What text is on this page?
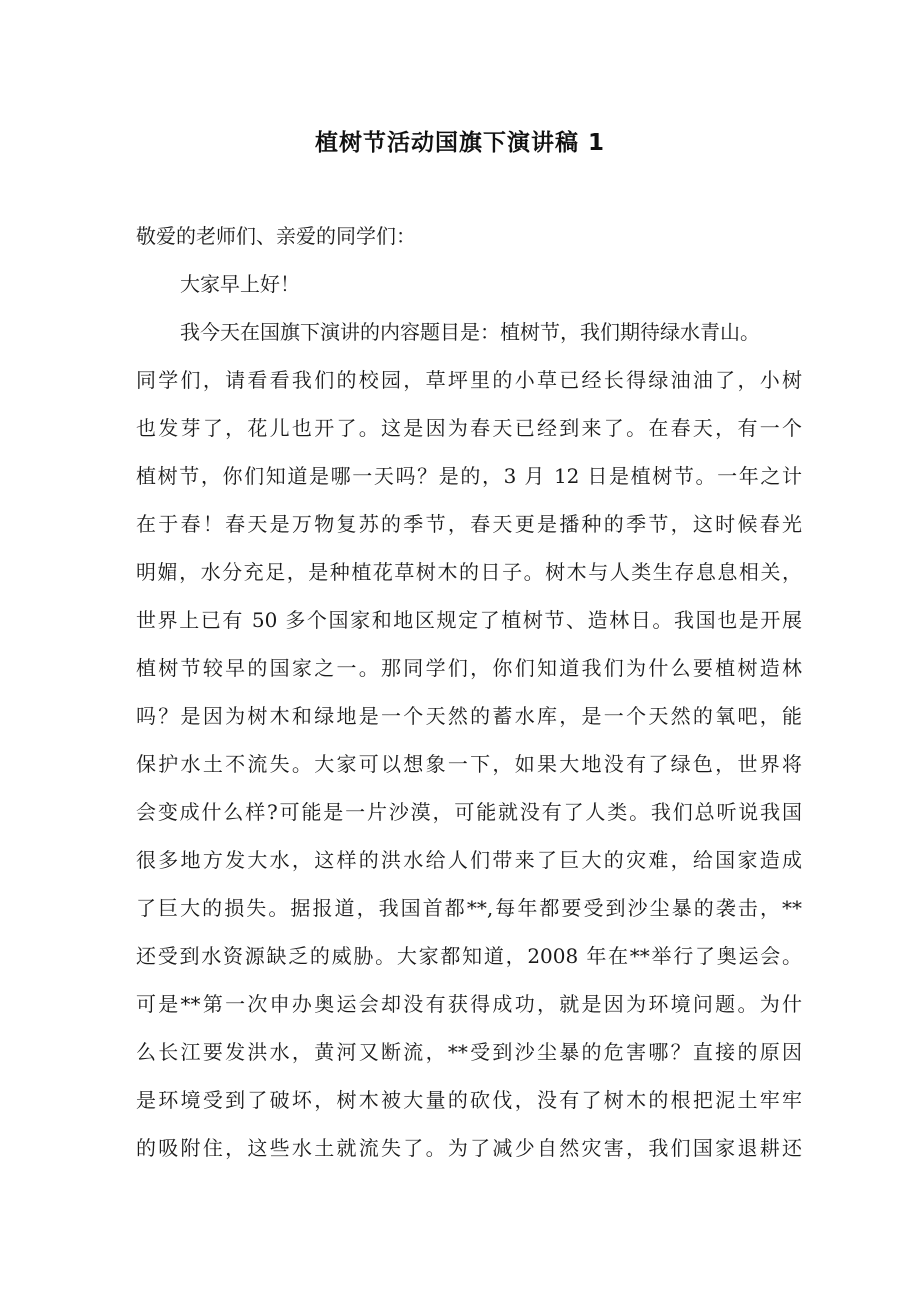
植树节活动国旗下演讲稿 1

敬爱的老师们、亲爱的同学们：

大家早上好！

我今天在国旗下演讲的内容题目是：植树节，我们期待绿水青山。
同学们，请看看我们的校园，草坪里的小草已经长得绿油油了，小树
也发芽了，花儿也开了。这是因为春天已经到来了。在春天，有一个
植树节，你们知道是哪一天吗？是的，3 月 12 日是植树节。一年之计
在于春！春天是万物复苏的季节，春天更是播种的季节，这时候春光
明媚，水分充足，是种植花草树木的日子。树木与人类生存息息相关，
世界上已有 50 多个国家和地区规定了植树节、造林日。我国也是开展
植树节较早的国家之一。那同学们，你们知道我们为什么要植树造林
吗？是因为树木和绿地是一个天然的蓄水库，是一个天然的氧吧，能
保护水土不流失。大家可以想象一下，如果大地没有了绿色，世界将
会变成什么样?可能是一片沙漠，可能就没有了人类。我们总听说我国
很多地方发大水，这样的洪水给人们带来了巨大的灾难，给国家造成
了巨大的损失。据报道，我国首都**,每年都要受到沙尘暴的袭击，**
还受到水资源缺乏的威胁。大家都知道，2008 年在**举行了奥运会。
可是**第一次申办奥运会却没有获得成功，就是因为环境问题。为什
么长江要发洪水，黄河又断流，**受到沙尘暴的危害哪？直接的原因
是环境受到了破坏，树木被大量的砍伐，没有了树木的根把泥土牢牢
的吸附住，这些水土就流失了。为了减少自然灾害，我们国家退耕还
